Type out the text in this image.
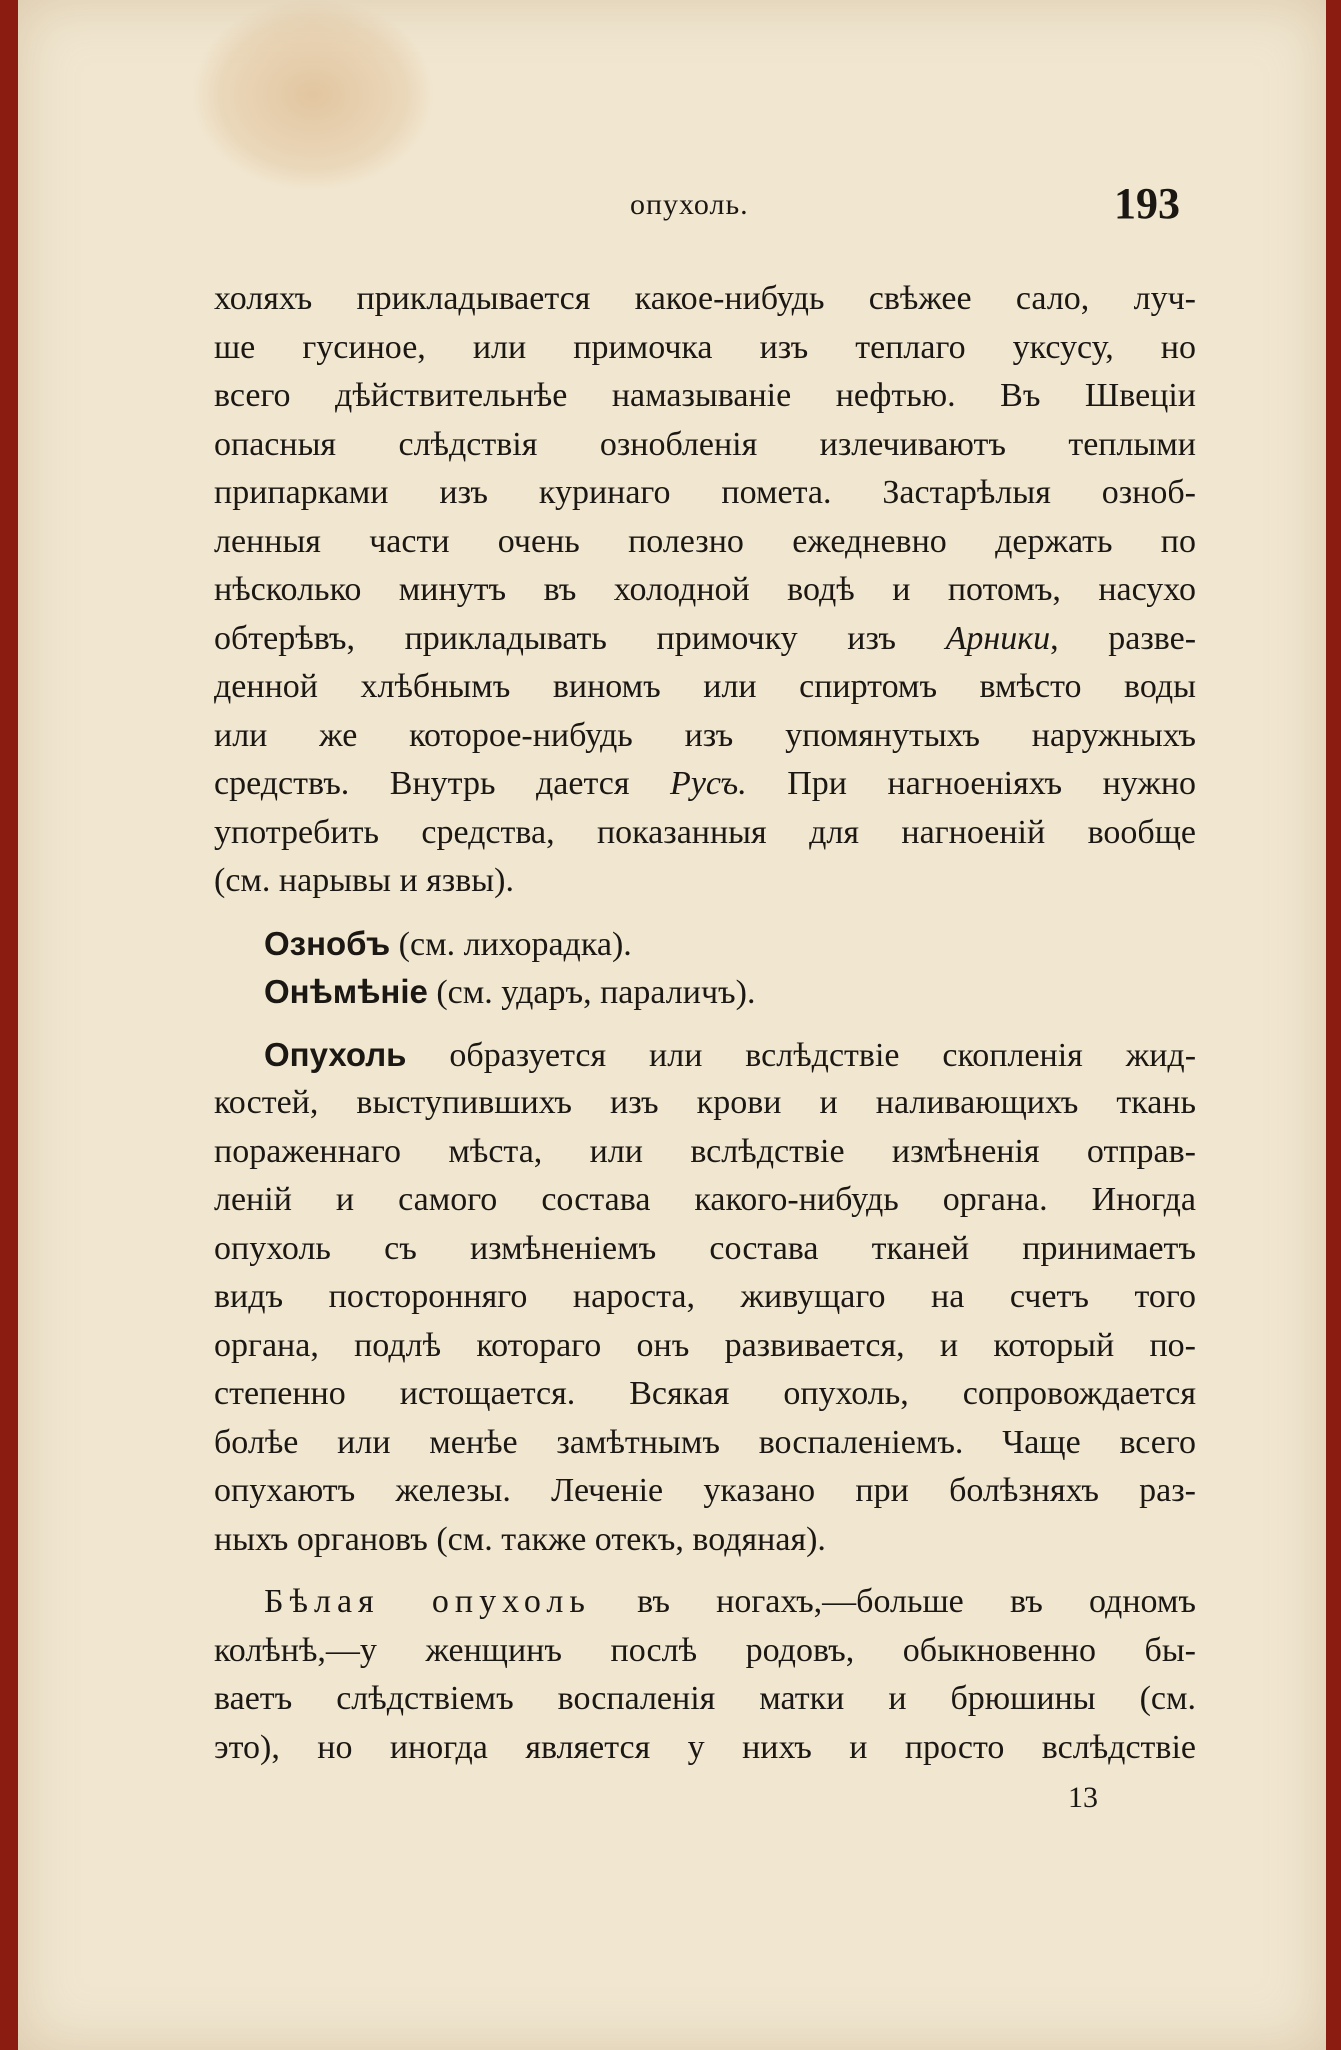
опухоль.	193
холяхъ прикладывается какое-нибудь свѣжее сало, луч-
ше гусиное, или примочка изъ теплаго уксусу, но
всего дѣйствительнѣе намазываніе нефтью. Въ Швеціи
опасныя слѣдствія ознобленія излечиваютъ теплыми
припарками изъ куринаго помета. Застарѣлыя озноб-
ленныя части очень полезно ежедневно держать по
нѣсколько минутъ въ холодной водѣ и потомъ, насухо
обтерѣвъ, прикладывать примочку изъ Арники, разве-
денной хлѣбнымъ виномъ или спиртомъ вмѣсто воды
или же которое-нибудь изъ упомянутыхъ наружныхъ
средствъ. Внутрь дается Русъ. При нагноеніяхъ нужно
употребить средства, показанныя для нагноеній вообще
(см. нарывы и язвы).
Ознобъ (см. лихорадка).
Онѣмѣніе (см. ударъ, параличъ).
Опухоль образуется или вслѣдствіе скопленія жид-
костей, выступившихъ изъ крови и наливающихъ ткань
пораженнаго мѣста, или вслѣдствіе измѣненія отправ-
леній и самого состава какого-нибудь органа. Иногда
опухоль съ измѣненіемъ состава тканей принимаетъ
видъ посторонняго нароста, живущаго на счетъ того
органа, подлѣ котораго онъ развивается, и который по-
степенно истощается. Всякая опухоль, сопровождается
болѣе или менѣе замѣтнымъ воспаленіемъ. Чаще всего
опухаютъ железы. Леченіе указано при болѣзняхъ раз-
ныхъ органовъ (см. также отекъ, водяная).
Бѣлая опухоль въ ногахъ,—больше въ одномъ
колѣнѣ,—у женщинъ послѣ родовъ, обыкновенно бы-
ваетъ слѣдствіемъ воспаленія матки и брюшины (см.
это), но иногда является у нихъ и просто вслѣдствіе
13
